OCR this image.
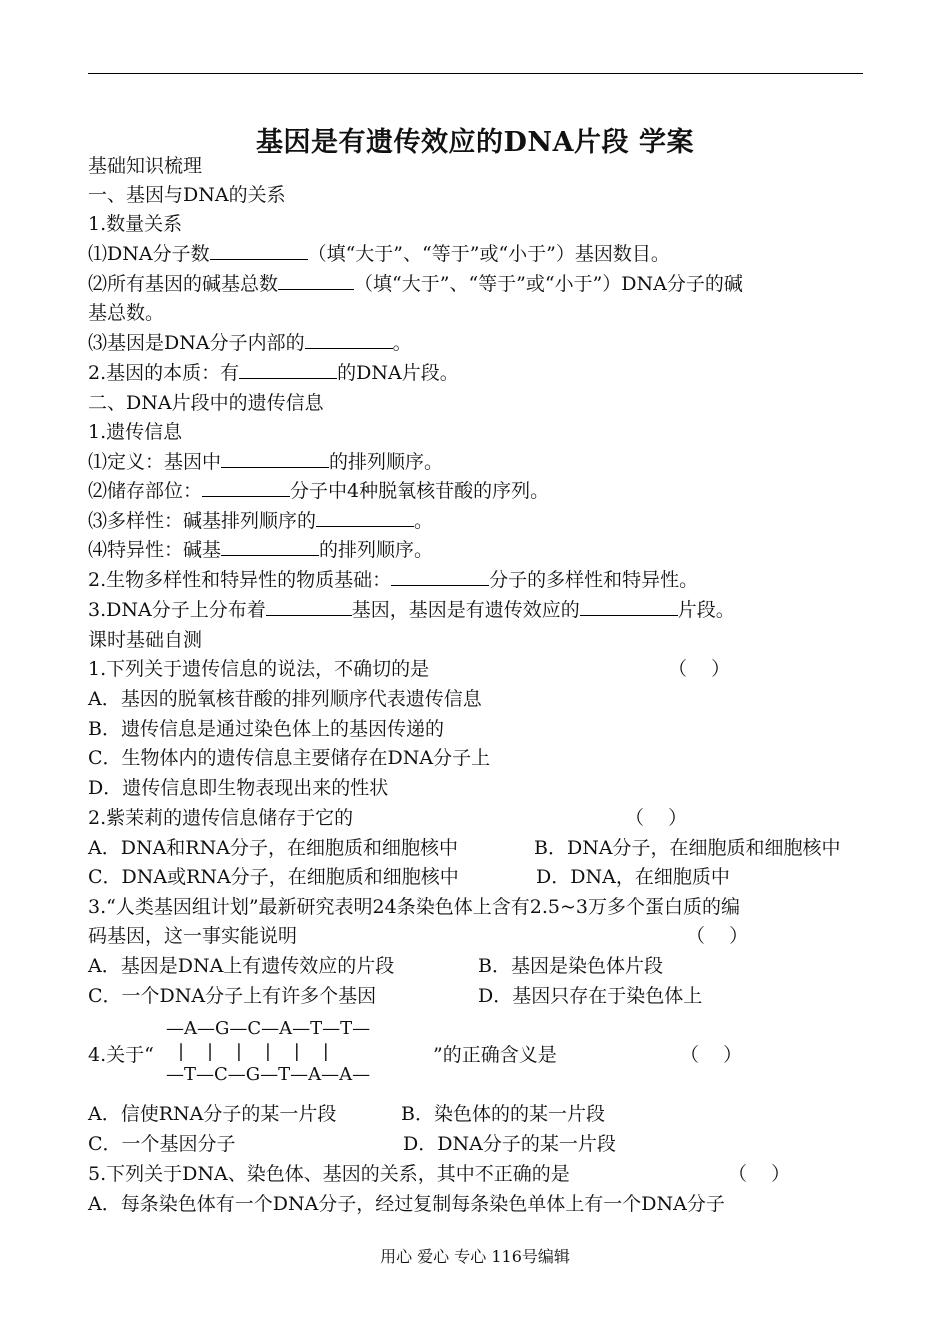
基因是有遗传效应的DNA片段 学案
基础知识梳理
一、基因与DNA的关系
1.数量关系
⑴DNA分子数	（填“大于”、“等于”或“小于”）基因数目。
⑵所有基因的碱基总数	（填“大于”、“等于”或“小于”）DNA分子的碱
基总数。
⑶基因是DNA分子内部的	。
2.基因的本质：有	的DNA片段。
二、DNA片段中的遗传信息
1.遗传信息
⑴定义：基因中	的排列顺序。
⑵储存部位：	分子中4种脱氧核苷酸的序列。
⑶多样性：碱基排列顺序的	。
⑷特异性：碱基	的排列顺序。
2.生物多样性和特异性的物质基础：	分子的多样性和特异性。
3.DNA分子上分布着	基因，基因是有遗传效应的	片段。
课时基础自测
1.下列关于遗传信息的说法，不确切的是	（    ）
A．基因的脱氧核苷酸的排列顺序代表遗传信息
B．遗传信息是通过染色体上的基因传递的
C．生物体内的遗传信息主要储存在DNA分子上
D．遗传信息即生物表现出来的性状
2.紫茉莉的遗传信息储存于它的	（    ）
A．DNA和RNA分子，在细胞质和细胞核中	B．DNA分子，在细胞质和细胞核中
C．DNA或RNA分子，在细胞质和细胞核中	D．DNA，在细胞质中
3.“人类基因组计划”最新研究表明24条染色体上含有2.5~3万多个蛋白质的编
码基因，这一事实能说明	（    ）
A．基因是DNA上有遗传效应的片段	B．基因是染色体片段
C．一个DNA分子上有许多个基因	D．基因只存在于染色体上
—A—G—C—A—T—T—
|    |    |    |    |    |
—T—C—G—T—A—A—
4.关于“	”的正确含义是	（    ）
A．信使RNA分子的某一片段	B．染色体的的某一片段
C．一个基因分子	D．DNA分子的某一片段
5.下列关于DNA、染色体、基因的关系，其中不正确的是	（    ）
A．每条染色体有一个DNA分子，经过复制每条染色单体上有一个DNA分子
用心 爱心 专心 116号编辑
